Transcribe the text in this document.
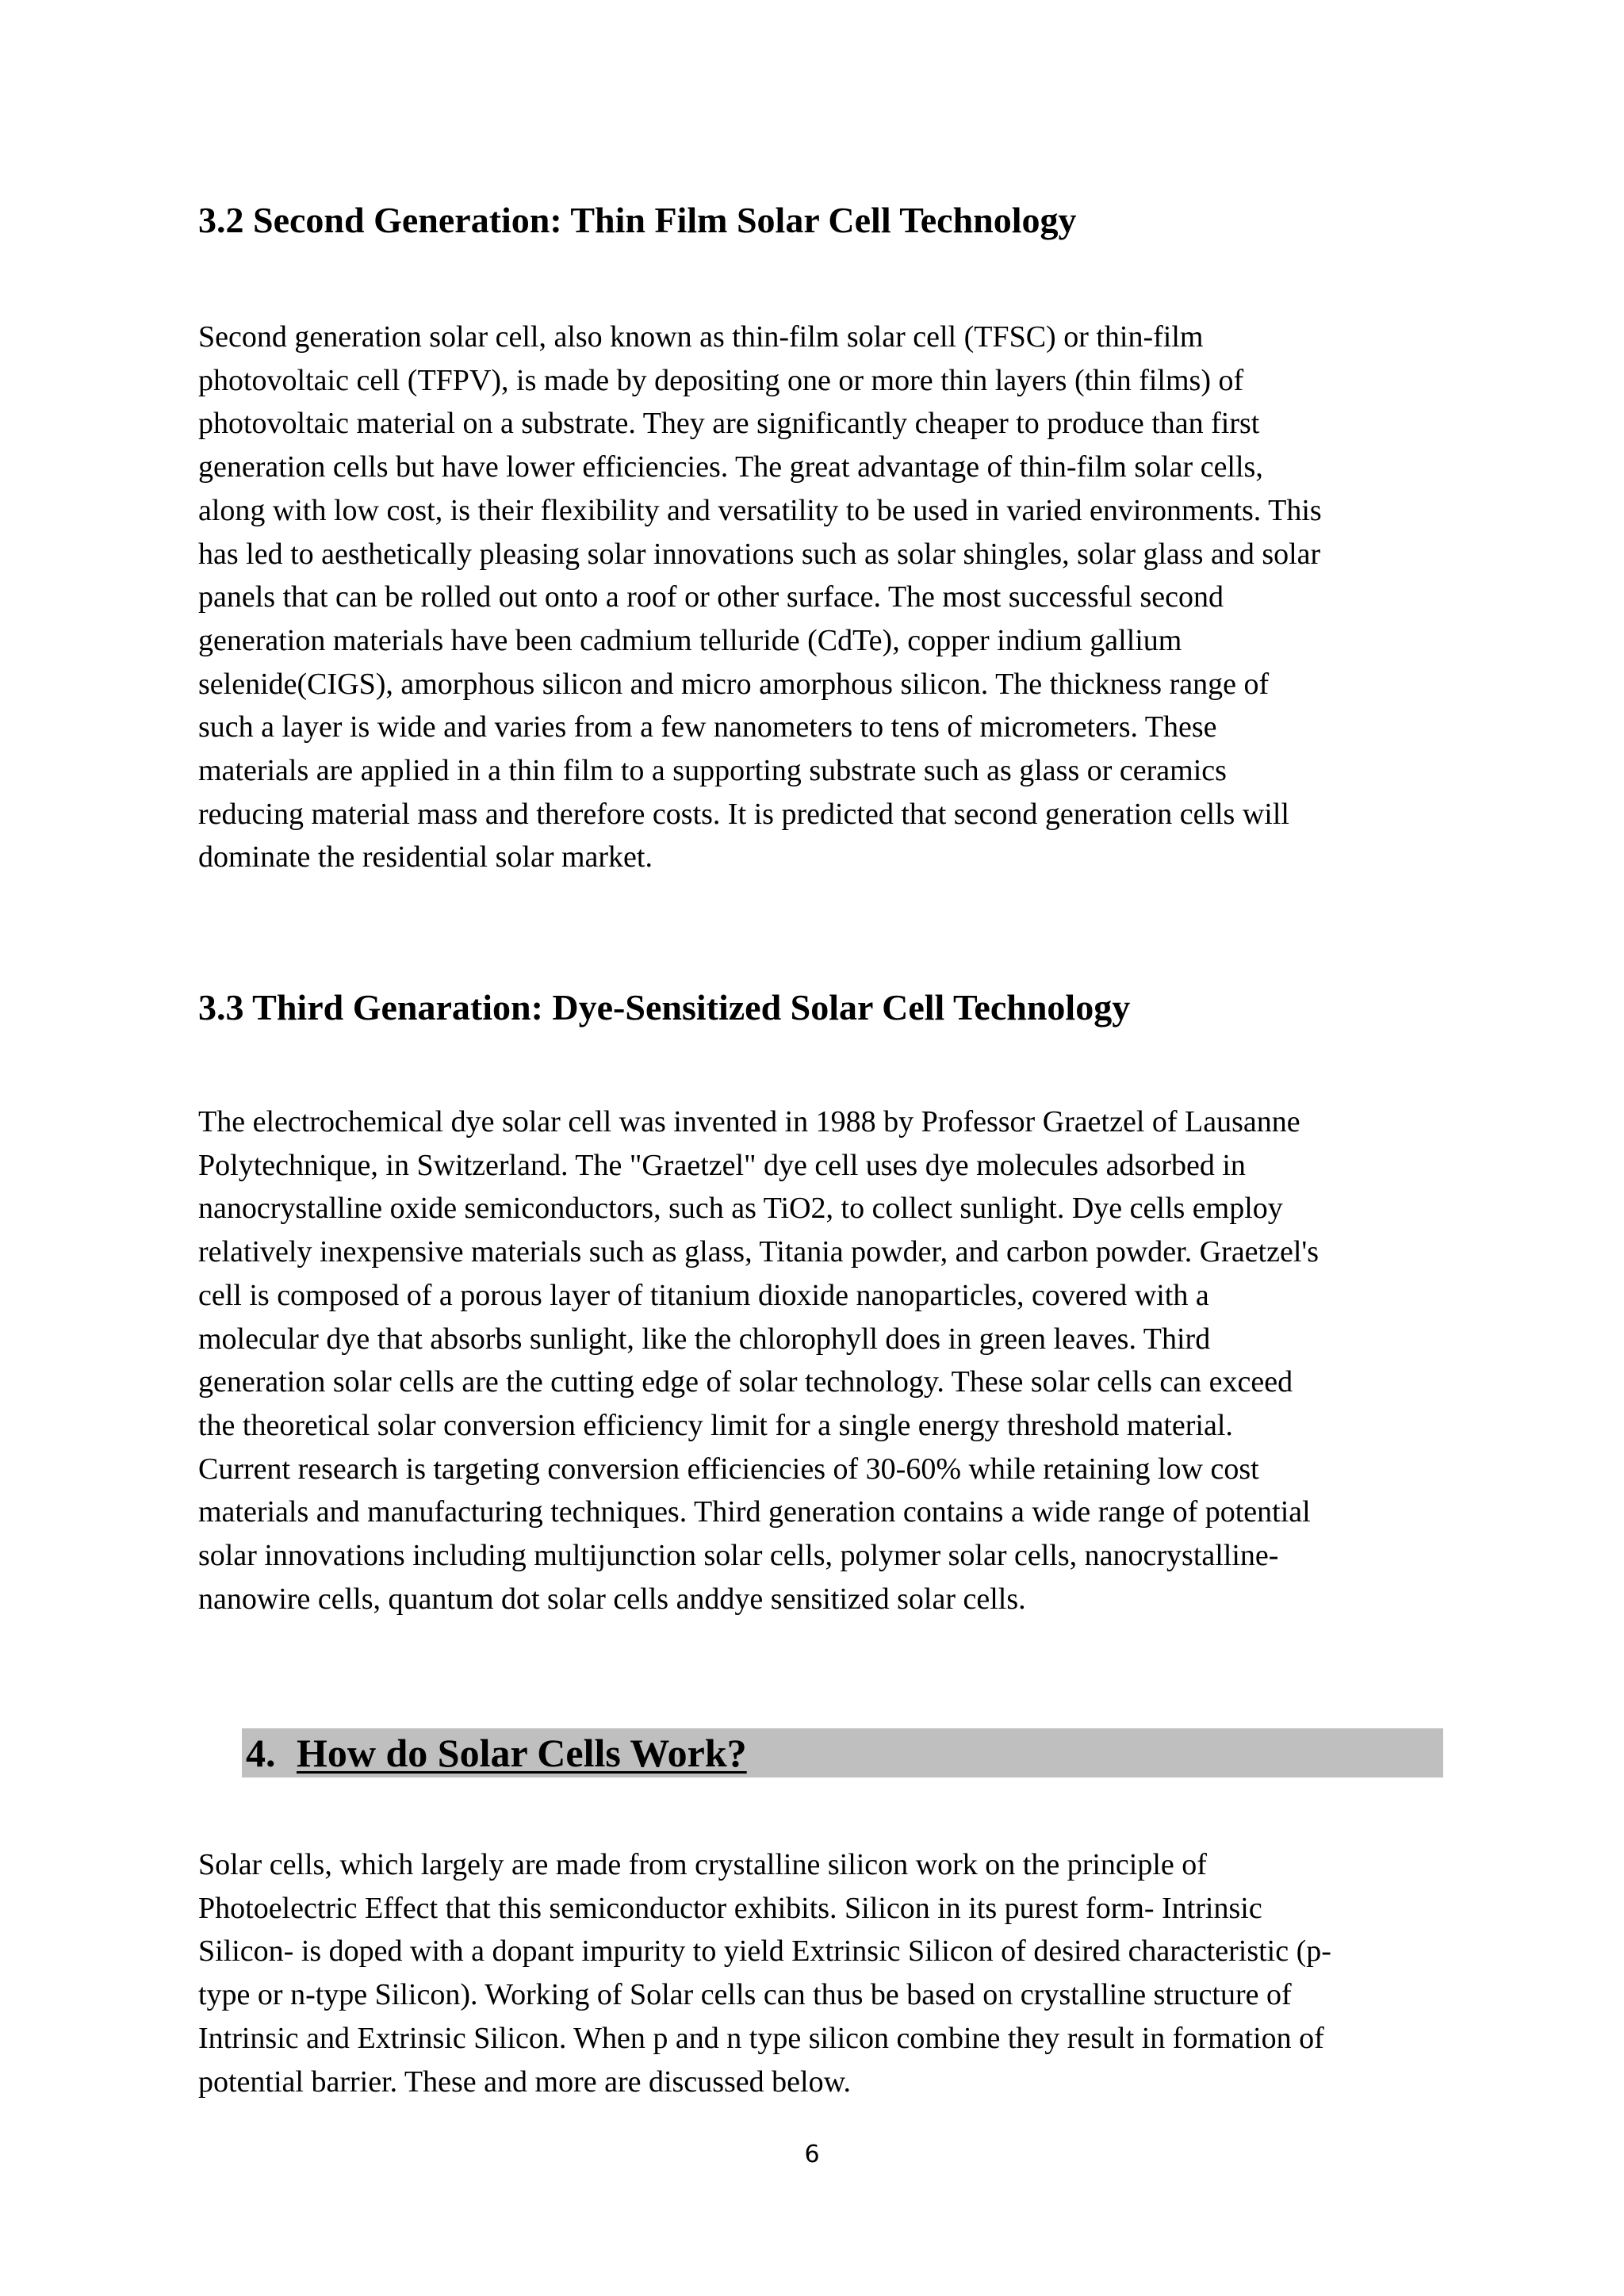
3.2 Second Generation: Thin Film Solar Cell Technology
Second generation solar cell, also known as thin-film solar cell (TFSC) or thin-film
photovoltaic cell (TFPV), is made by depositing one or more thin layers (thin films) of
photovoltaic material on a substrate. They are significantly cheaper to produce than first
generation cells but have lower efficiencies. The great advantage of thin-film solar cells,
along with low cost, is their flexibility and versatility to be used in varied environments. This
has led to aesthetically pleasing solar innovations such as solar shingles, solar glass and solar
panels that can be rolled out onto a roof or other surface. The most successful second
generation materials have been cadmium telluride (CdTe), copper indium gallium
selenide(CIGS), amorphous silicon and micro amorphous silicon. The thickness range of
such a layer is wide and varies from a few nanometers to tens of micrometers. These
materials are applied in a thin film to a supporting substrate such as glass or ceramics
reducing material mass and therefore costs. It is predicted that second generation cells will
dominate the residential solar market.
3.3 Third Genaration: Dye-Sensitized Solar Cell Technology
The electrochemical dye solar cell was invented in 1988 by Professor Graetzel of Lausanne
Polytechnique, in Switzerland. The "Graetzel" dye cell uses dye molecules adsorbed in
nanocrystalline oxide semiconductors, such as TiO2, to collect sunlight. Dye cells employ
relatively inexpensive materials such as glass, Titania powder, and carbon powder. Graetzel's
cell is composed of a porous layer of titanium dioxide nanoparticles, covered with a
molecular dye that absorbs sunlight, like the chlorophyll does in green leaves. Third
generation solar cells are the cutting edge of solar technology. These solar cells can exceed
the theoretical solar conversion efficiency limit for a single energy threshold material.
Current research is targeting conversion efficiencies of 30-60% while retaining low cost
materials and manufacturing techniques. Third generation contains a wide range of potential
solar innovations including multijunction solar cells, polymer solar cells, nanocrystalline-
nanowire cells, quantum dot solar cells anddye sensitized solar cells.
4. How do Solar Cells Work?
Solar cells, which largely are made from crystalline silicon work on the principle of
Photoelectric Effect that this semiconductor exhibits. Silicon in its purest form- Intrinsic
Silicon- is doped with a dopant impurity to yield Extrinsic Silicon of desired characteristic (p-
type or n-type Silicon). Working of Solar cells can thus be based on crystalline structure of
Intrinsic and Extrinsic Silicon. When p and n type silicon combine they result in formation of
potential barrier. These and more are discussed below.
6
